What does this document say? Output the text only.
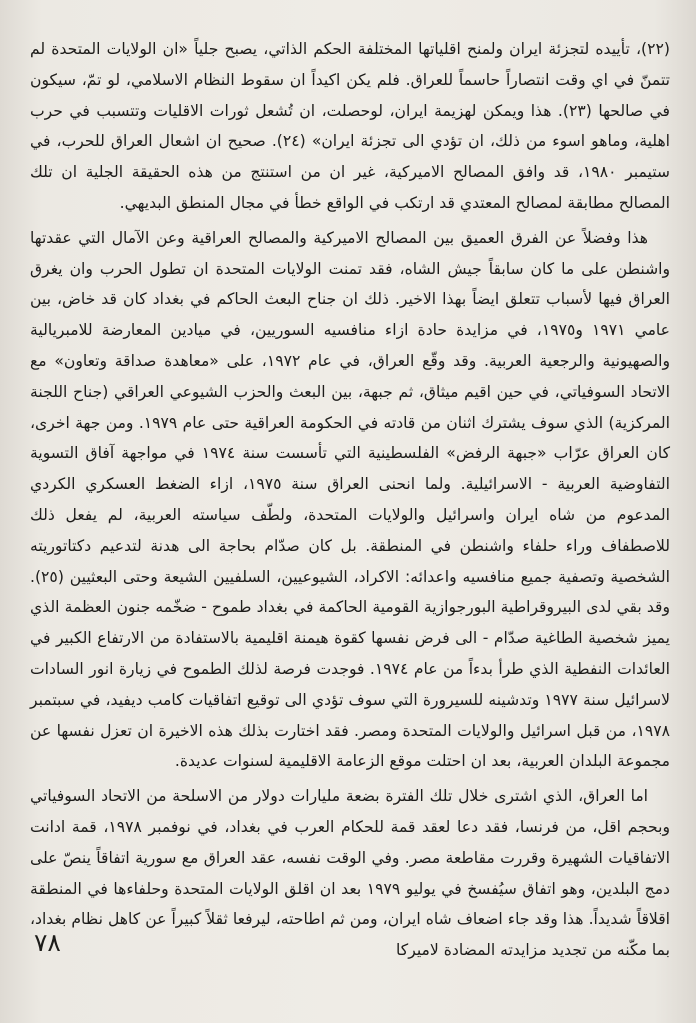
(٢٢)، تأييده لتجزئة ايران ولمنح اقلياتها المختلفة الحكم الذاتي، يصبح جلياً «ان الولايات المتحدة لم تتمنّ في اي وقت انتصاراً حاسماً للعراق. فلم يكن اكيداً ان سقوط النظام الاسلامي، لو تمّ، سيكون في صالحها (٢٣). هذا ويمكن لهزيمة ايران، لوحصلت، ان تُشعل ثورات الاقليات وتتسبب في حرب اهلية، وماهو اسوء من ذلك، ان تؤدي الى تجزئة ايران» (٢٤). صحيح ان اشعال العراق للحرب، في ستيمبر ١٩٨٠، قد وافق المصالح الاميركية، غير ان من استنتج من هذه الحقيقة الجلية ان تلك المصالح مطابقة لمصالح المعتدي قد ارتكب في الواقع خطأ في مجال المنطق البديهي.

هذا وفضلاً عن الفرق العميق بين المصالح الاميركية والمصالح العراقية وعن الآمال التي عقدتها واشنطن على ما كان سابقاً جيش الشاه، فقد تمنت الولايات المتحدة ان تطول الحرب وان يغرق العراق فيها لأسباب تتعلق ايضاً بهذا الاخير. ذلك ان جناح البعث الحاكم في بغداد كان قد خاض، بين عامي ١٩٧١ و١٩٧٥، في مزايدة حادة ازاء منافسيه السوريين، في ميادين المعارضة للامبريالية والصهيونية والرجعية العربية. وقد وقّع العراق، في عام ١٩٧٢، على «معاهدة صداقة وتعاون» مع الاتحاد السوفياتي، في حين اقيم ميثاق، ثم جبهة، بين البعث والحزب الشيوعي العراقي (جناح اللجنة المركزية) الذي سوف يشترك اثنان من قادته في الحكومة العراقية حتى عام ١٩٧٩. ومن جهة اخرى، كان العراق عرّاب «جبهة الرفض» الفلسطينية التي تأسست سنة ١٩٧٤ في مواجهة آفاق التسوية التفاوضية العربية - الاسرائيلية. ولما انحنى العراق سنة ١٩٧٥، ازاء الضغط العسكري الكردي المدعوم من شاه ايران واسرائيل والولايات المتحدة، ولطّف سياسته العربية، لم يفعل ذلك للاصطفاف وراء حلفاء واشنطن في المنطقة. بل كان صدّام بحاجة الى هدنة لتدعيم دكتاتوريته الشخصية وتصفية جميع منافسيه واعدائه: الاكراد، الشيوعيين، السلفيين الشيعة وحتى البعثيين (٢٥). وقد بقي لدى البيروقراطية البورجوازية القومية الحاكمة في بغداد طموح - ضخّمه جنون العظمة الذي يميز شخصية الطاغية صدّام - الى فرض نفسها كقوة هيمنة اقليمية بالاستفادة من الارتفاع الكبير في العائدات النفطية الذي طرأ بدءاً من عام ١٩٧٤. فوجدت فرصة لذلك الطموح في زيارة انور السادات لاسرائيل سنة ١٩٧٧ وتدشينه للسيرورة التي سوف تؤدي الى توقيع اتفاقيات كامب ديفيد، في سبتمبر ١٩٧٨، من قبل اسرائيل والولايات المتحدة ومصر. فقد اختارت بذلك هذه الاخيرة ان تعزل نفسها عن مجموعة البلدان العربية، بعد ان احتلت موقع الزعامة الاقليمية لسنوات عديدة.

اما العراق، الذي اشترى خلال تلك الفترة بضعة مليارات دولار من الاسلحة من الاتحاد السوفياتي وبحجم اقل، من فرنسا، فقد دعا لعقد قمة للحكام العرب في بغداد، في نوفمبر ١٩٧٨، قمة ادانت الاتفاقيات الشهيرة وقررت مقاطعة مصر. وفي الوقت نفسه، عقد العراق مع سورية اتفاقاً ينصّ على دمج البلدين، وهو اتفاق سيُفسخ في يوليو ١٩٧٩ بعد ان اقلق الولايات المتحدة وحلفاءها في المنطقة اقلاقاً شديداً. هذا وقد جاء اضعاف شاه ايران، ومن ثم اطاحته، ليرفعا ثقلاً كبيراً عن كاهل نظام بغداد، بما مكّنه من تجديد مزايدته المضادة لاميركا

٧٨
